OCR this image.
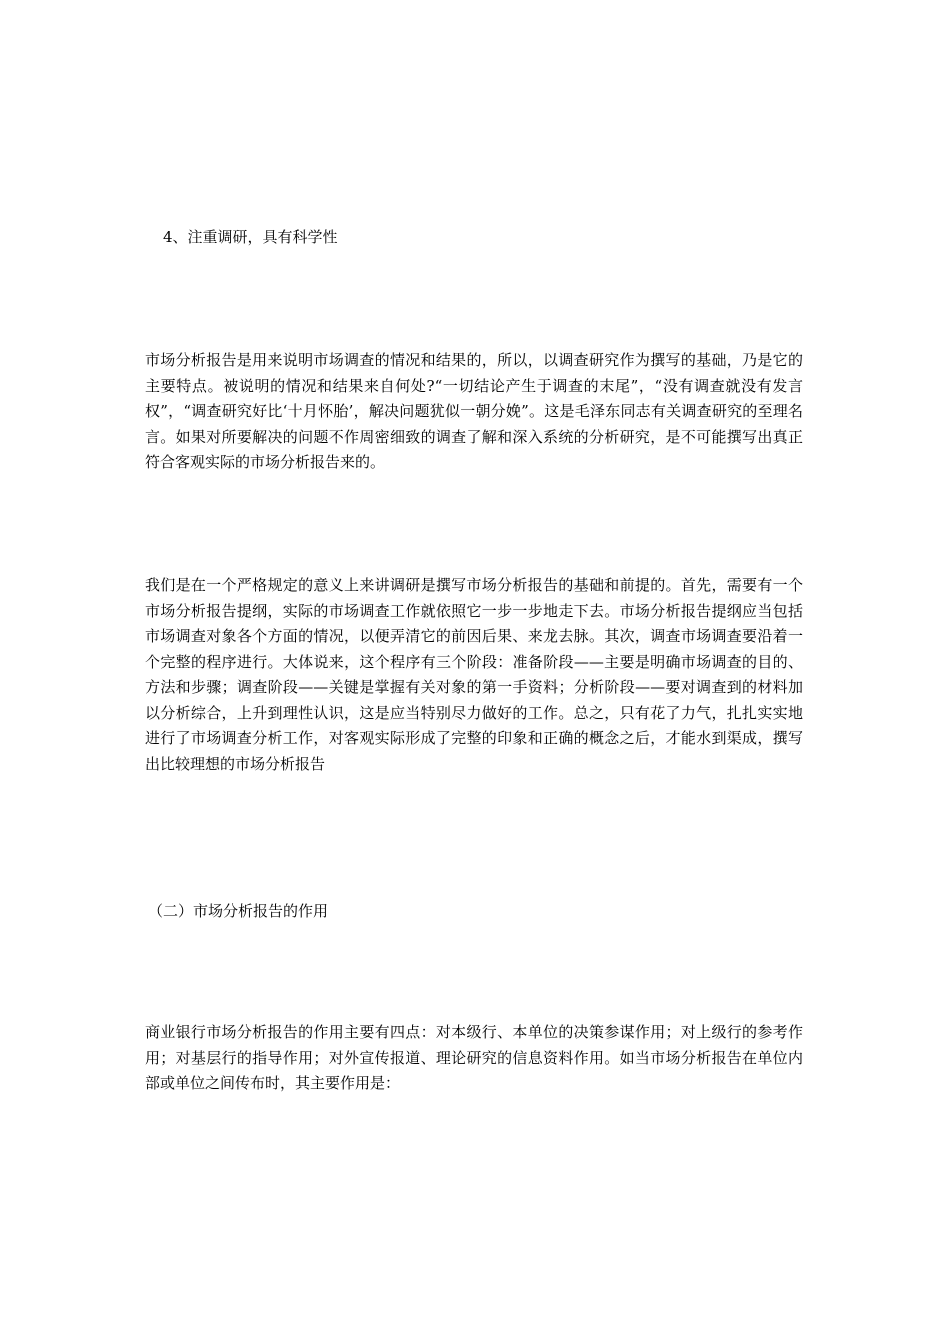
4、注重调研，具有科学性
市场分析报告是用来说明市场调查的情况和结果的，所以，以调查研究作为撰写的基础，乃是它的主要特点。被说明的情况和结果来自何处?“一切结论产生于调查的末尾”，“没有调查就没有发言权”，“调查研究好比‘十月怀胎’，解决问题犹似一朝分娩”。这是毛泽东同志有关调查研究的至理名言。如果对所要解决的问题不作周密细致的调查了解和深入系统的分析研究，是不可能撰写出真正符合客观实际的市场分析报告来的。
我们是在一个严格规定的意义上来讲调研是撰写市场分析报告的基础和前提的。首先，需要有一个市场分析报告提纲，实际的市场调查工作就依照它一步一步地走下去。市场分析报告提纲应当包括市场调查对象各个方面的情况，以便弄清它的前因后果、来龙去脉。其次，调查市场调查要沿着一个完整的程序进行。大体说来，这个程序有三个阶段：准备阶段——主要是明确市场调查的目的、方法和步骤；调查阶段——关键是掌握有关对象的第一手资料；分析阶段——要对调查到的材料加以分析综合，上升到理性认识，这是应当特别尽力做好的工作。总之，只有花了力气，扎扎实实地进行了市场调查分析工作，对客观实际形成了完整的印象和正确的概念之后，才能水到渠成，撰写出比较理想的市场分析报告
（二）市场分析报告的作用
商业银行市场分析报告的作用主要有四点：对本级行、本单位的决策参谋作用；对上级行的参考作用；对基层行的指导作用；对外宣传报道、理论研究的信息资料作用。如当市场分析报告在单位内部或单位之间传布时，其主要作用是：
